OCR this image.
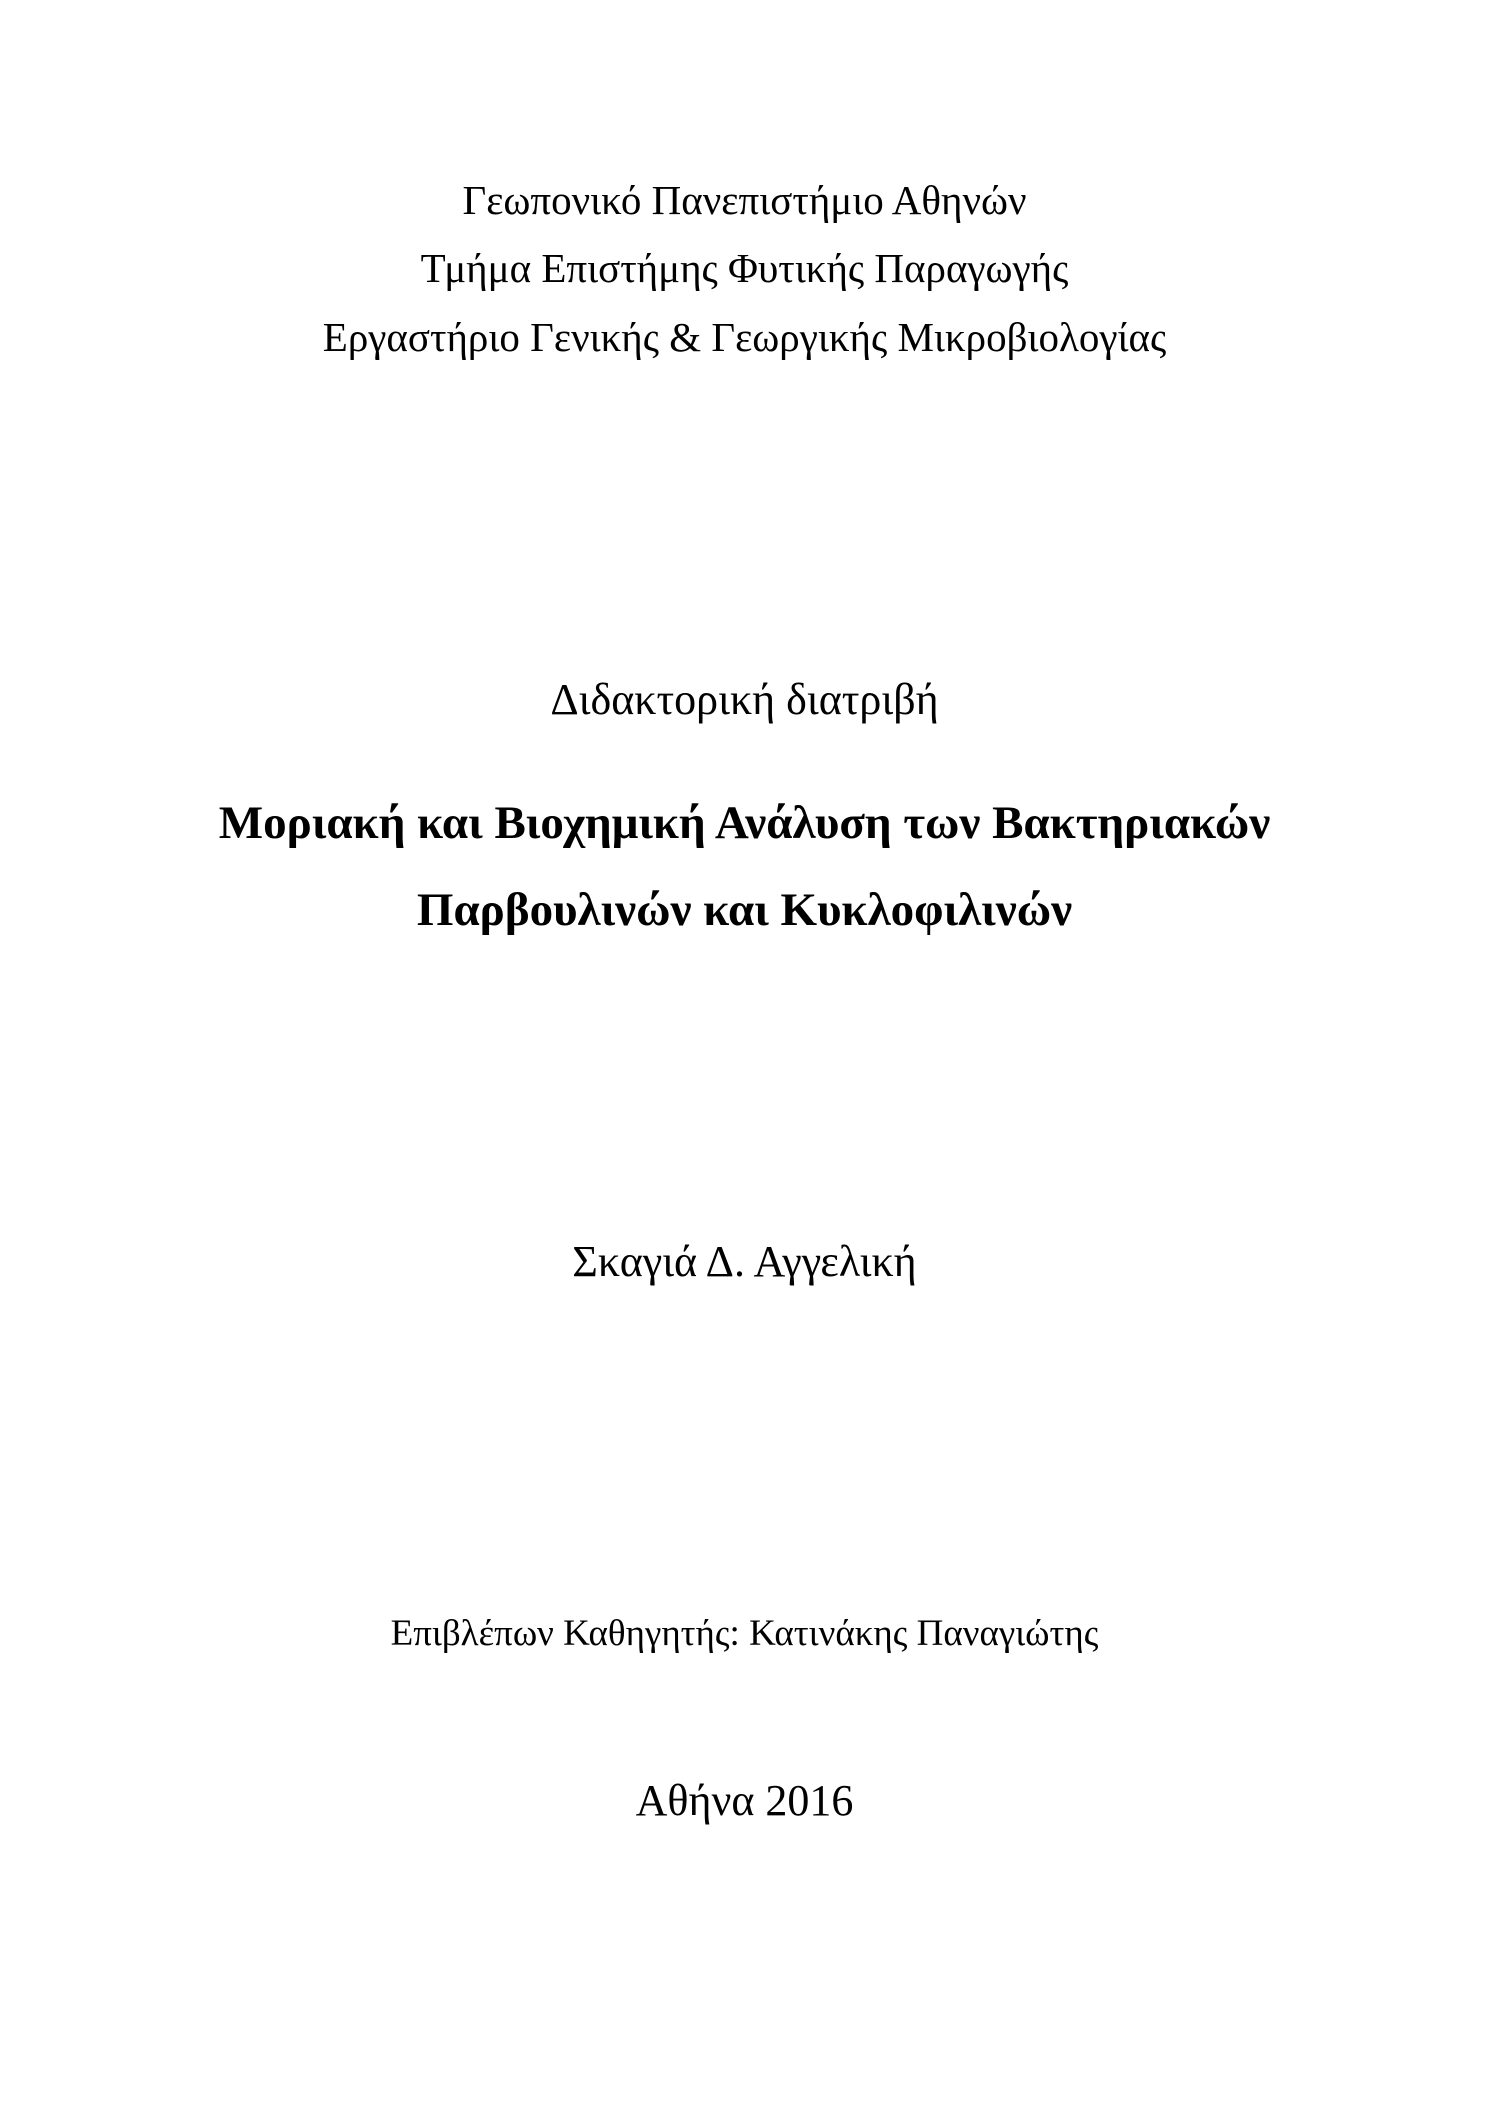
Γεωπονικό Πανεπιστήμιο Αθηνών

Τμήμα Επιστήμης Φυτικής Παραγωγής

Εργαστήριο Γενικής & Γεωργικής Μικροβιολογίας

Διδακτορική διατριβή

Μοριακή και Βιοχημική Ανάλυση των Βακτηριακών
Παρβουλινών και Κυκλοφιλινών

Σκαγιά Δ. Αγγελική

Επιβλέπων Καθηγητής: Κατινάκης Παναγιώτης

Αθήνα 2016
